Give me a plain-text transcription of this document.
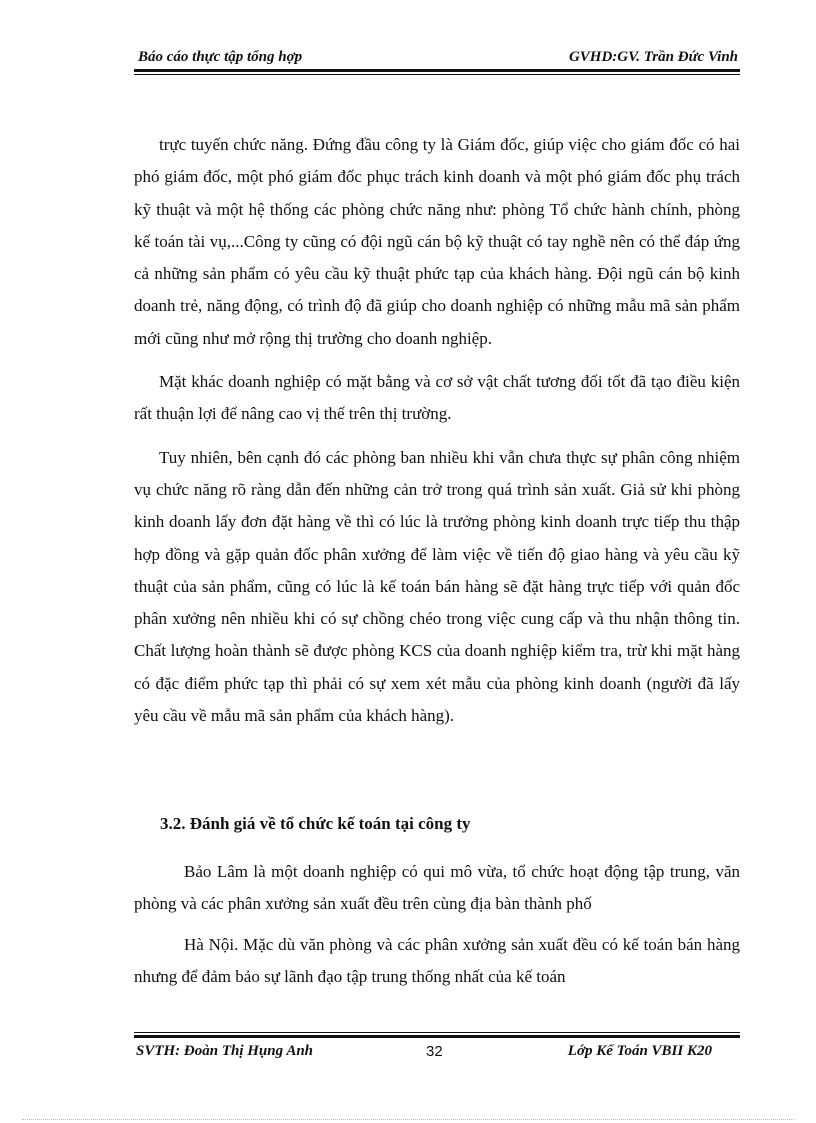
Báo cáo thực tập tổng hợp	GVHD:GV. Trần Đức Vinh

trực tuyến chức năng. Đứng đầu công ty là Giám đốc, giúp việc cho giám đốc có hai phó giám đốc, một phó giám đốc phục trách kinh doanh và một phó giám đốc phụ trách kỹ thuật và một hệ thống các phòng chức năng như: phòng Tổ chức hành chính, phòng kế toán tài vụ,...Công ty cũng có đội ngũ cán bộ kỹ thuật có tay nghề nên có thể đáp ứng cả những sản phẩm có yêu cầu kỹ thuật phức tạp của khách hàng. Đội ngũ cán bộ kinh doanh trẻ, năng động, có trình độ đã giúp cho doanh nghiệp có những mẫu mã sản phẩm mới cũng như mở rộng thị trường cho doanh nghiệp.

Mặt khác doanh nghiệp có mặt bằng và cơ sở vật chất tương đối tốt đã tạo điều kiện rất thuận lợi để nâng cao vị thế trên thị trường.

Tuy nhiên, bên cạnh đó các phòng ban nhiều khi vẫn chưa thực sự phân công nhiệm vụ chức năng rõ ràng dẫn đến những cản trở trong quá trình sản xuất. Giả sử khi phòng kinh doanh lấy đơn đặt hàng về thì có lúc là trưởng phòng kinh doanh trực tiếp thu thập hợp đồng và gặp quản đốc phân xưởng để làm việc về tiến độ giao hàng và yêu cầu kỹ thuật của sản phẩm, cũng có lúc là kế toán bán hàng sẽ đặt hàng trực tiếp với quản đốc phân xưởng nên nhiều khi có sự chồng chéo trong việc cung cấp và thu nhận thông tin. Chất lượng hoàn thành sẽ được phòng KCS của doanh nghiệp kiểm tra, trừ khi mặt hàng có đặc điểm phức tạp thì phải có sự xem xét mẫu của phòng kinh doanh (người đã lấy yêu cầu về mẫu mã sản phẩm của khách hàng).

3.2. Đánh giá về tổ chức kế toán tại công ty

Bảo Lâm là một doanh nghiệp có qui mô vừa, tổ chức hoạt động tập trung, văn phòng và các phân xưởng sản xuất đều trên cùng địa bàn thành phố

Hà Nội. Mặc dù văn phòng và các phân xưởng sản xuất đều có kế toán bán hàng nhưng để đảm bảo sự lãnh đạo tập trung thống nhất của kế toán

SVTH: Đoàn Thị Hụng Anh	32	Lớp Kế Toán VBII K20
